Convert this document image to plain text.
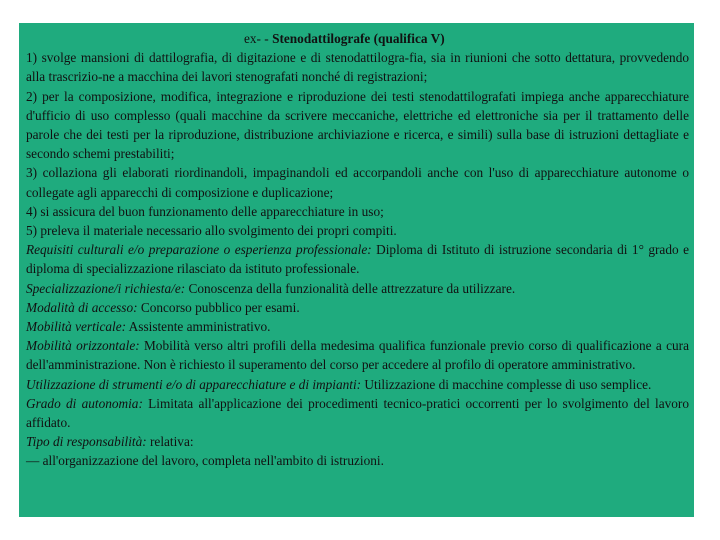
ex- - Stenodattilografe (qualifica V)

1) svolge mansioni di dattilografia, di digitazione e di stenodattilogra-fia, sia in riunioni che sotto dettatura, provvedendo alla trascrizio-ne a macchina dei lavori stenografati nonché di registrazioni;

2) per la composizione, modifica, integrazione e riproduzione dei testi stenodattilografati impiega anche apparecchiature d'ufficio di uso complesso (quali macchine da scrivere meccaniche, elettriche ed elettroniche sia per il trattamento delle parole che dei testi per la riproduzione, distribuzione archiviazione e ricerca, e simili) sulla base di istruzioni dettagliate e secondo schemi prestabiliti;

3) collaziona gli elaborati riordinandoli, impaginandoli ed accorpandoli anche con l'uso di apparecchiature autonome o collegate agli apparecchi di composizione e duplicazione;

4) si assicura del buon funzionamento delle apparecchiature in uso;

5) preleva il materiale necessario allo svolgimento dei propri compiti.

Requisiti culturali e/o preparazione o esperienza professionale: Diploma di Istituto di istruzione secondaria di 1° grado e diploma di specializzazione rilasciato da istituto professionale.

Specializzazione/i richiesta/e: Conoscenza della funzionalità delle attrezzature da utilizzare.

Modalità di accesso: Concorso pubblico per esami.

Mobilità verticale: Assistente amministrativo.

Mobilità orizzontale: Mobilità verso altri profili della medesima qualifica funzionale previo corso di qualificazione a cura dell'amministrazione. Non è richiesto il superamento del corso per accedere al profilo di operatore amministrativo.

Utilizzazione di strumenti e/o di apparecchiature e di impianti: Utilizzazione di macchine complesse di uso semplice.

Grado di autonomia: Limitata all'applicazione dei procedimenti tecnico-pratici occorrenti per lo svolgimento del lavoro affidato.

Tipo di responsabilità: relativa:

— all'organizzazione del lavoro, completa nell'ambito di istruzioni.
